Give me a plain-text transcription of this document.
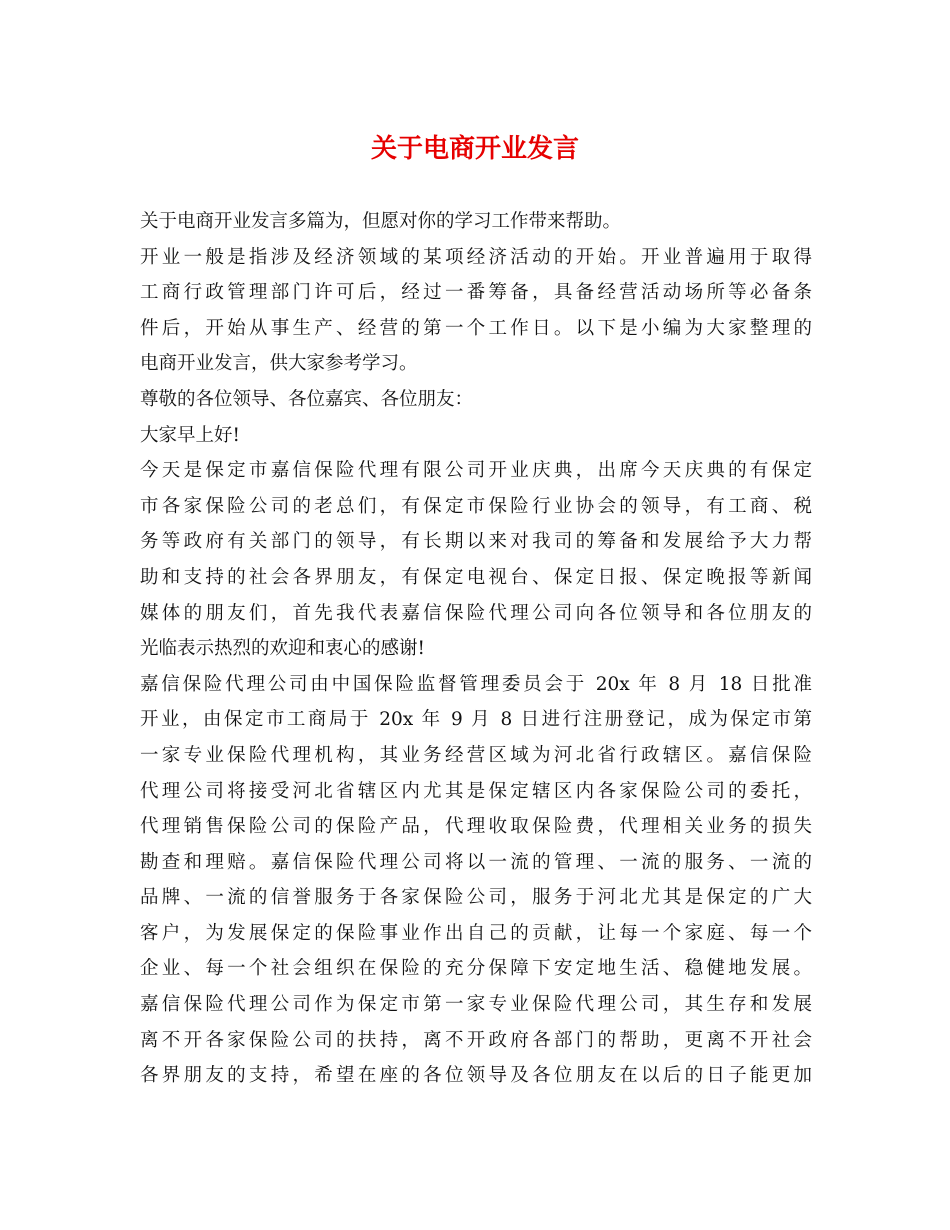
关于电商开业发言
关于电商开业发言多篇为，但愿对你的学习工作带来帮助。
开业一般是指涉及经济领域的某项经济活动的开始。开业普遍用于取得
工商行政管理部门许可后，经过一番筹备，具备经营活动场所等必备条
件后，开始从事生产、经营的第一个工作日。以下是小编为大家整理的
电商开业发言，供大家参考学习。
尊敬的各位领导、各位嘉宾、各位朋友：
大家早上好!
今天是保定市嘉信保险代理有限公司开业庆典，出席今天庆典的有保定
市各家保险公司的老总们，有保定市保险行业协会的领导，有工商、税
务等政府有关部门的领导，有长期以来对我司的筹备和发展给予大力帮
助和支持的社会各界朋友，有保定电视台、保定日报、保定晚报等新闻
媒体的朋友们，首先我代表嘉信保险代理公司向各位领导和各位朋友的
光临表示热烈的欢迎和衷心的感谢!
嘉信保险代理公司由中国保险监督管理委员会于 20x 年 8 月 18 日批准
开业，由保定市工商局于 20x 年 9 月 8 日进行注册登记，成为保定市第
一家专业保险代理机构，其业务经营区域为河北省行政辖区。嘉信保险
代理公司将接受河北省辖区内尤其是保定辖区内各家保险公司的委托，
代理销售保险公司的保险产品，代理收取保险费，代理相关业务的损失
勘查和理赔。嘉信保险代理公司将以一流的管理、一流的服务、一流的
品牌、一流的信誉服务于各家保险公司，服务于河北尤其是保定的广大
客户，为发展保定的保险事业作出自己的贡献，让每一个家庭、每一个
企业、每一个社会组织在保险的充分保障下安定地生活、稳健地发展。
嘉信保险代理公司作为保定市第一家专业保险代理公司，其生存和发展
离不开各家保险公司的扶持，离不开政府各部门的帮助，更离不开社会
各界朋友的支持，希望在座的各位领导及各位朋友在以后的日子能更加
